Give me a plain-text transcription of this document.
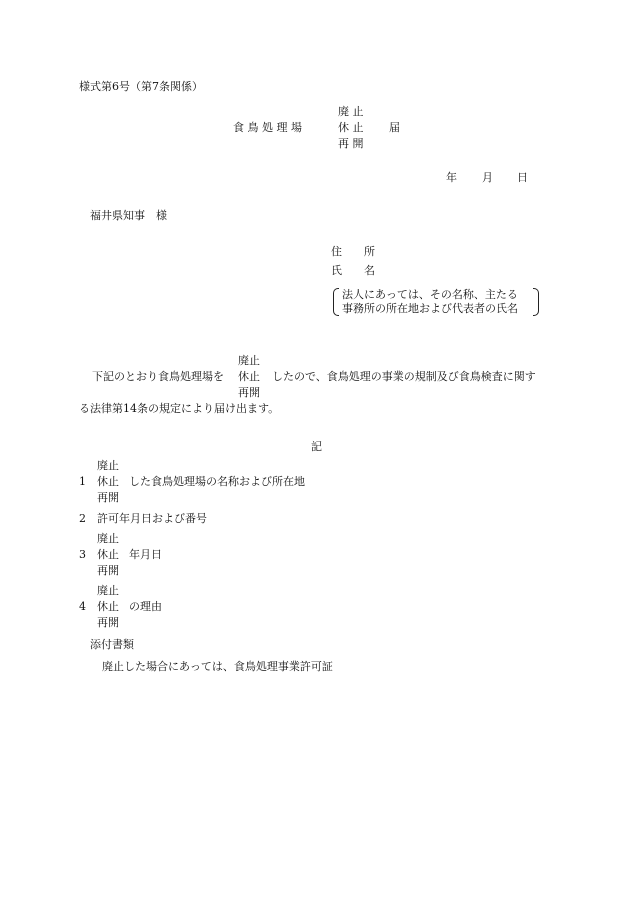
様式第6号（第7条関係）
廃 止
食 鳥 処 理 場	休 止 届
再 開
年 月 日
福井県知事　様
住　　所
氏　　名
法人にあっては、その名称、主たる
事務所の所在地および代表者の氏名
廃止
下記のとおり食鳥処理場を 休止 したので、食鳥処理の事業の規制及び食鳥検査に関す
再開
る法律第14条の規定により届け出ます。
記
廃止
1 休止 した食鳥処理場の名称および所在地
再開
2 許可年月日および番号
廃止
3 休止 年月日
再開
廃止
4 休止 の理由
再開
添付書類
廃止した場合にあっては、食鳥処理事業許可証
